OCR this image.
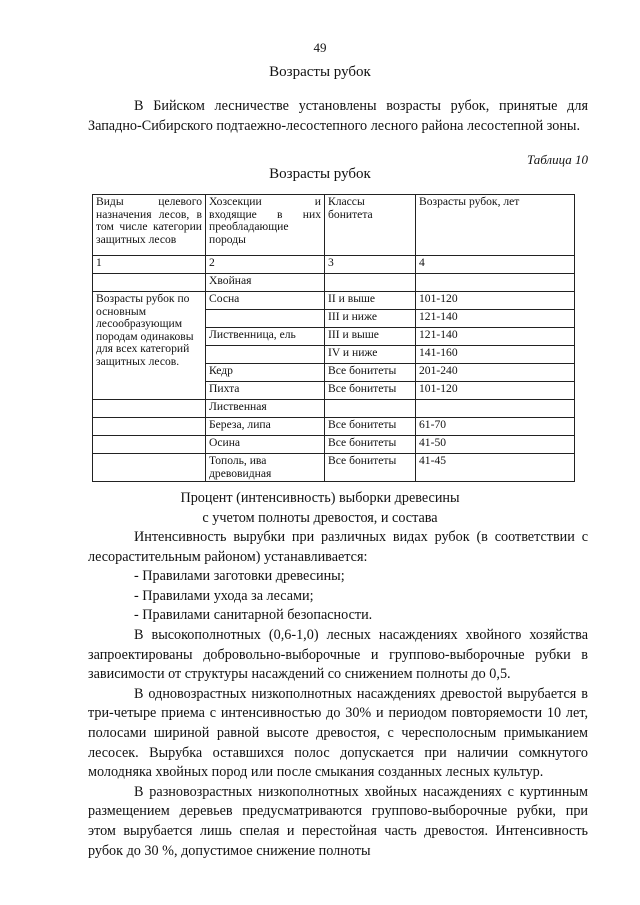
49
Возрасты рубок

В Бийском лесничестве установлены возрасты рубок, принятые для Западно-Сибирского подтаежно-лесостепного лесного района лесостепной зоны.

Таблица 10
Возрасты рубок
Виды целевого назначения лесов, в том числе категории защитных лесов	Хозсекции и входящие в них преобладающие породы	Классы бонитета	Возрасты рубок, лет
1	2	3	4
	Хвойная		
Возрасты рубок по основным лесообразующим породам одинаковы для всех категорий защитных лесов.	Сосна	II и выше	101-120
		III и ниже	121-140
	Лиственница, ель	III и выше	121-140
		IV и ниже	141-160
	Кедр	Все бонитеты	201-240
	Пихта	Все бонитеты	101-120
	Лиственная		
	Береза, липа	Все бонитеты	61-70
	Осина	Все бонитеты	41-50
	Тополь, ива древовидная	Все бонитеты	41-45
Процент (интенсивность) выборки древесины
с учетом полноты древостоя, и состава

Интенсивность вырубки при различных видах рубок (в соответствии с лесорастительным районом) устанавливается:

- Правилами заготовки древесины;

- Правилами ухода за лесами;

- Правилами санитарной безопасности.

В высокополнотных (0,6-1,0) лесных насаждениях хвойного хозяйства запроектированы добровольно-выборочные и группово-выборочные рубки в зависимости от структуры насаждений со снижением полноты до 0,5.

В одновозрастных низкополнотных насаждениях древостой вырубается в три-четыре приема с интенсивностью до 30% и периодом повторяемости 10 лет, полосами шириной равной высоте древостоя, с чересполосным примыканием лесосек. Вырубка оставшихся полос допускается при наличии сомкнутого молодняка хвойных пород или после смыкания созданных лесных культур.

В разновозрастных низкополнотных хвойных насаждениях с куртинным размещением деревьев предусматриваются группово-выборочные рубки, при этом вырубается лишь спелая и перестойная часть древостоя. Интенсивность рубок до 30 %, допустимое снижение полноты
